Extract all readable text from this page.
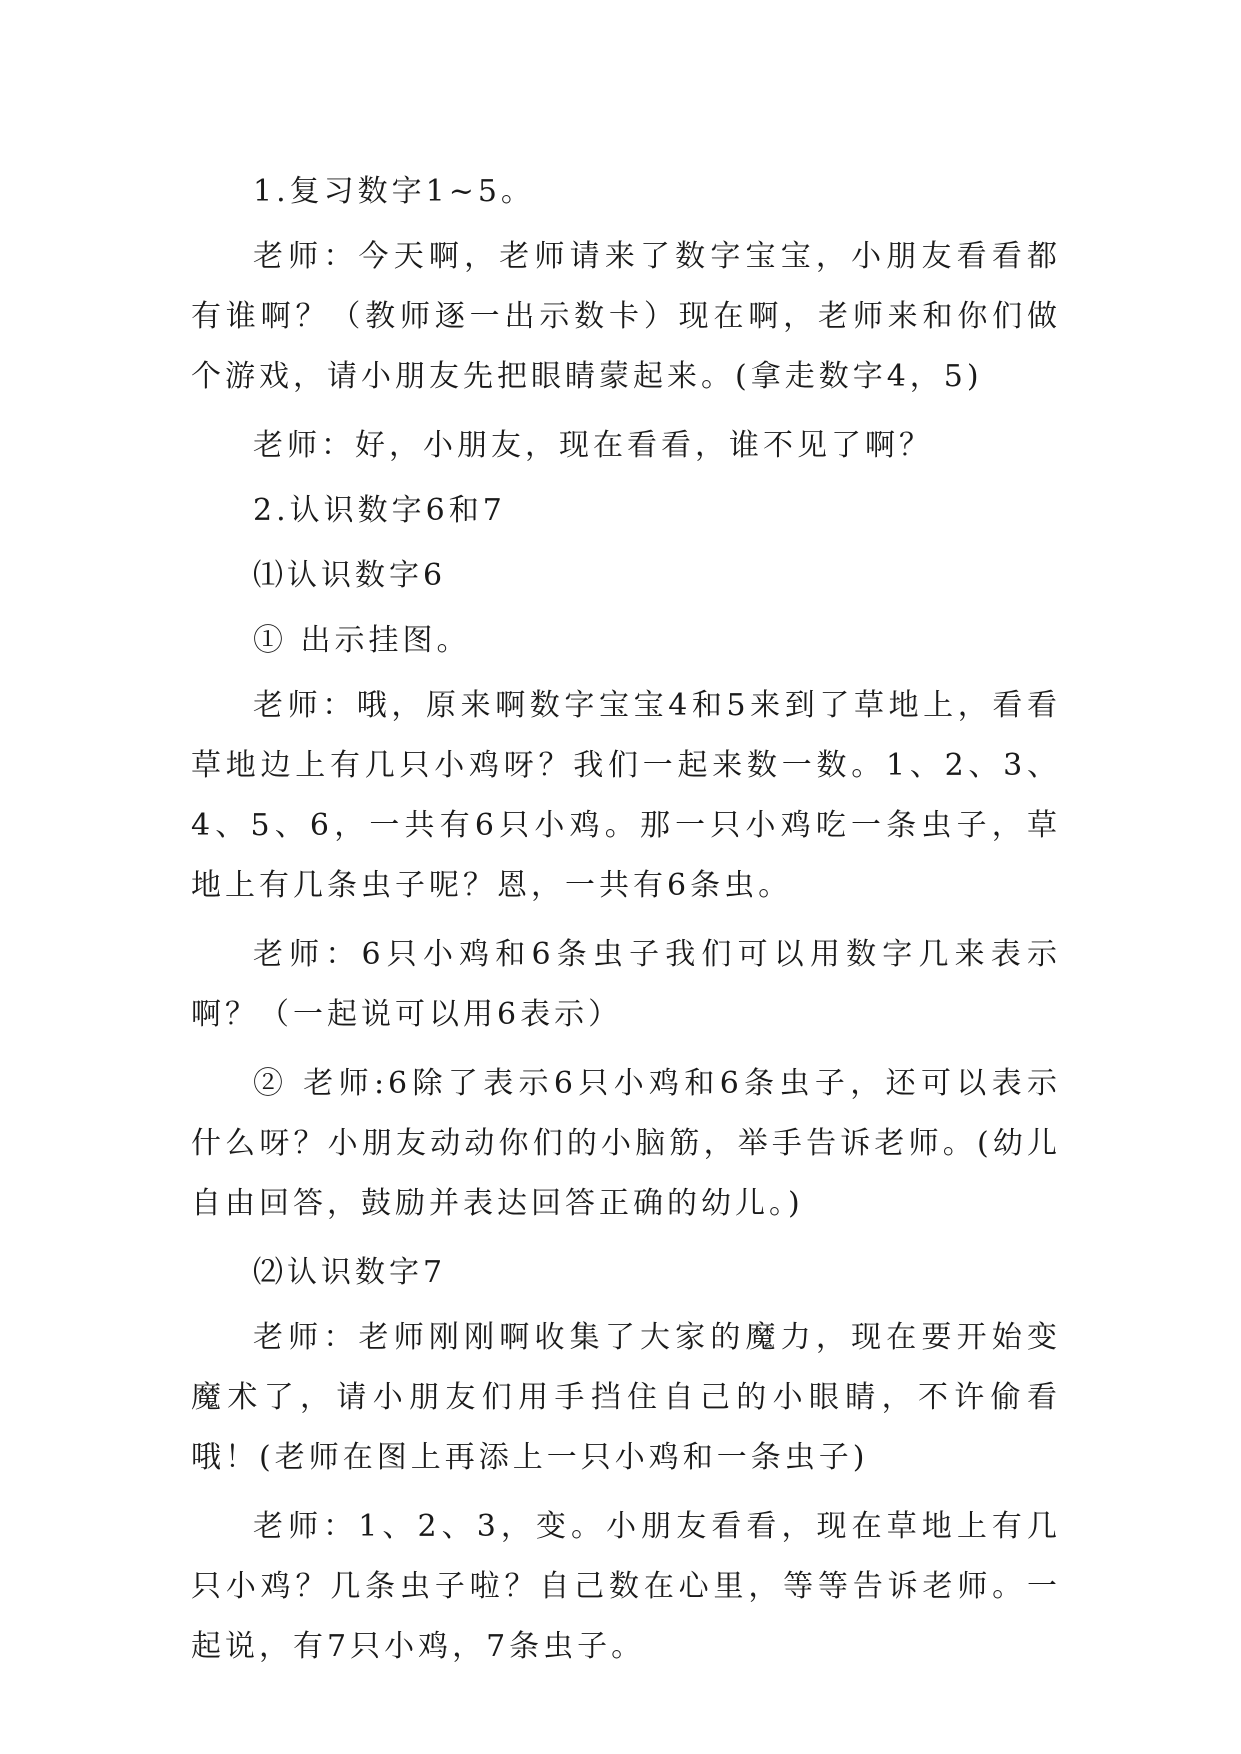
1.复习数字1~5。

老师：今天啊，老师请来了数字宝宝，小朋友看看都有谁啊？（教师逐一出示数卡）现在啊，老师来和你们做个游戏，请小朋友先把眼睛蒙起来。(拿走数字4，5)

老师：好，小朋友，现在看看，谁不见了啊？

2.认识数字6和7

⑴认识数字6

① 出示挂图。

老师：哦，原来啊数字宝宝4和5来到了草地上，看看草地边上有几只小鸡呀？我们一起来数一数。1、2、3、4、5、6，一共有6只小鸡。那一只小鸡吃一条虫子，草地上有几条虫子呢？恩，一共有6条虫。

老师：6只小鸡和6条虫子我们可以用数字几来表示啊？（一起说可以用6表示）

② 老师:6除了表示6只小鸡和6条虫子，还可以表示什么呀？小朋友动动你们的小脑筋，举手告诉老师。(幼儿自由回答，鼓励并表达回答正确的幼儿。)

⑵认识数字7

老师：老师刚刚啊收集了大家的魔力，现在要开始变魔术了，请小朋友们用手挡住自己的小眼睛，不许偷看哦！(老师在图上再添上一只小鸡和一条虫子)

老师：1、2、3，变。小朋友看看，现在草地上有几只小鸡？几条虫子啦？自己数在心里，等等告诉老师。一起说，有7只小鸡，7条虫子。
